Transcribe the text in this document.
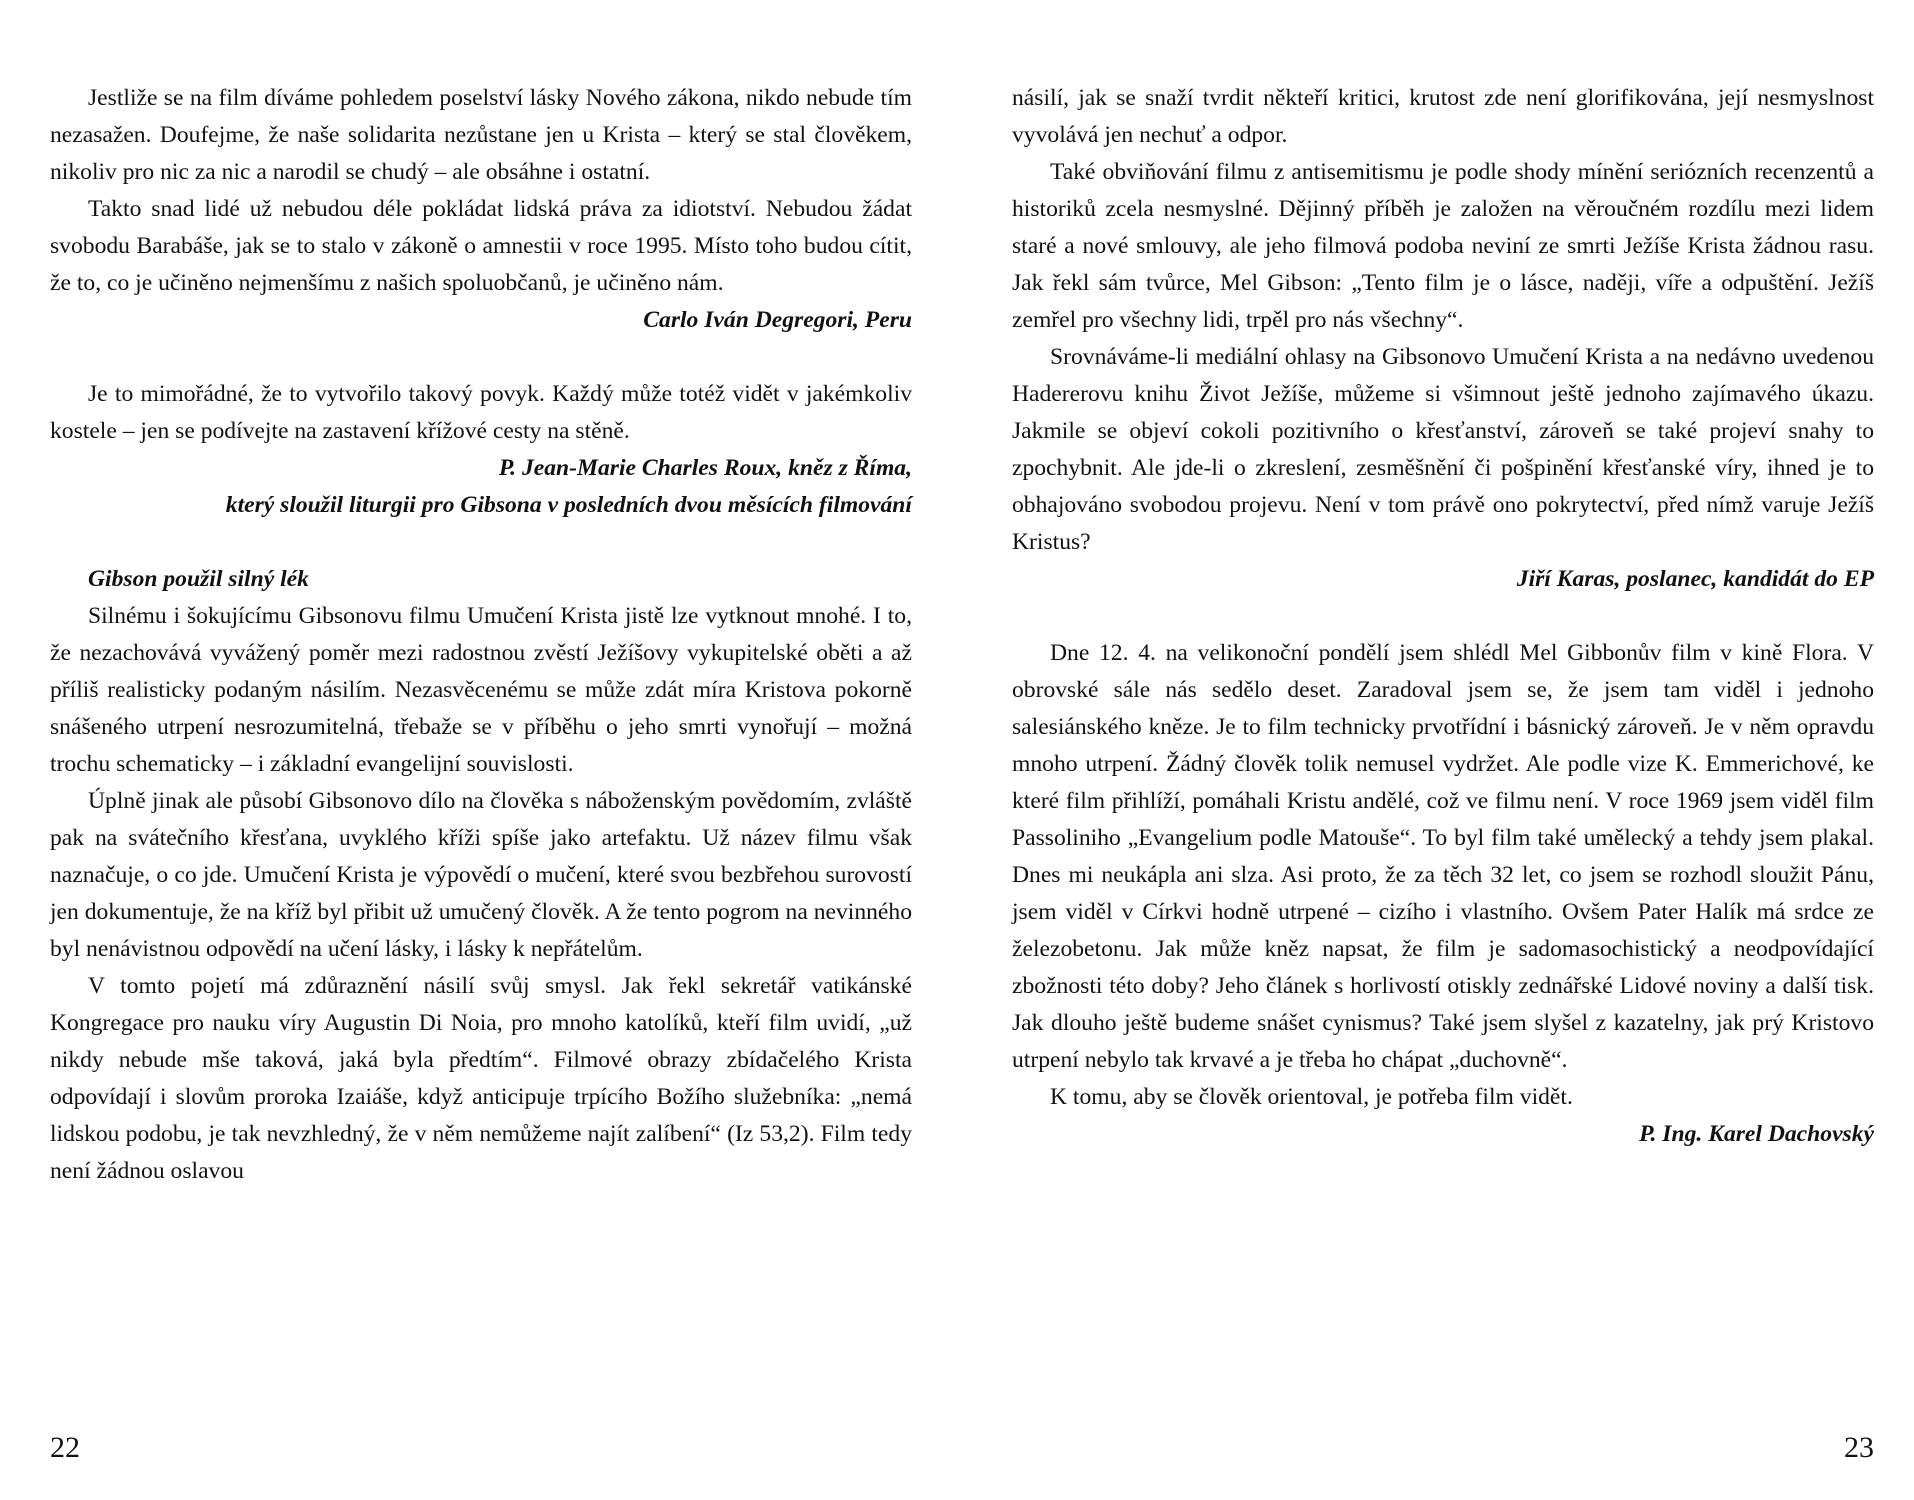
Jestliže se na film díváme pohledem poselství lásky Nového zákona, nikdo nebude tím nezasažen. Doufejme, že naše solidarita nezůstane jen u Krista – který se stal člověkem, nikoliv pro nic za nic a narodil se chudý – ale obsáhne i ostatní.

Takto snad lidé už nebudou déle pokládat lidská práva za idiotství. Nebudou žádat svobodu Barabáše, jak se to stalo v zákoně o amnestii v roce 1995. Místo toho budou cítit, že to, co je učiněno nejmenšímu z našich spoluobčanů, je učiněno nám.

Carlo Iván Degregori, Peru

Je to mimořádné, že to vytvořilo takový povyk. Každý může totéž vidět v jakémkoliv kostele – jen se podívejte na zastavení křížové cesty na stěně.

P. Jean-Marie Charles Roux, kněz z Říma,

který sloužil liturgii pro Gibsona v posledních dvou měsících filmování

Gibson použil silný lék

Silnému i šokujícímu Gibsonovu filmu Umučení Krista jistě lze vytknout mnohé. I to, že nezachovává vyvážený poměr mezi radostnou zvěstí Ježíšovy vykupitelské oběti a až příliš realisticky podaným násilím. Nezasvěcenému se může zdát míra Kristova pokorně snášeného utrpení nesrozumitelná, třebaže se v příběhu o jeho smrti vynořují – možná trochu schematicky – i základní evangelijní souvislosti.

Úplně jinak ale působí Gibsonovo dílo na člověka s náboženským povědomím, zvláště pak na svátečního křesťana, uvyklého kříži spíše jako artefaktu. Už název filmu však naznačuje, o co jde. Umučení Krista je výpovědí o mučení, které svou bezbřehou surovostí jen dokumentuje, že na kříž byl přibit už umučený člověk. A že tento pogrom na nevinného byl nenávistnou odpovědí na učení lásky, i lásky k nepřátelům.

V tomto pojetí má zdůraznění násilí svůj smysl. Jak řekl sekretář vatikánské Kongregace pro nauku víry Augustin Di Noia, pro mnoho katolíků, kteří film uvidí, „už nikdy nebude mše taková, jaká byla předtím“. Filmové obrazy zbídačelého Krista odpovídají i slovům proroka Izaiáše, když anticipuje trpícího Božího služebníka: „nemá lidskou podobu, je tak nevzhledný, že v něm nemůžeme najít zalíbení“ (Iz 53,2). Film tedy není žádnou oslavou

22

násilí, jak se snaží tvrdit někteří kritici, krutost zde není glorifikována, její nesmyslnost vyvolává jen nechuť a odpor.

Také obviňování filmu z antisemitismu je podle shody mínění seriózních recenzentů a historiků zcela nesmyslné. Dějinný příběh je založen na věroučném rozdílu mezi lidem staré a nové smlouvy, ale jeho filmová podoba neviní ze smrti Ježíše Krista žádnou rasu. Jak řekl sám tvůrce, Mel Gibson: „Tento film je o lásce, naději, víře a odpuštění. Ježíš zemřel pro všechny lidi, trpěl pro nás všechny“.

Srovnáváme-li mediální ohlasy na Gibsonovo Umučení Krista a na nedávno uvedenou Hadererovu knihu Život Ježíše, můžeme si všimnout ještě jednoho zajímavého úkazu. Jakmile se objeví cokoli pozitivního o křesťanství, zároveň se také projeví snahy to zpochybnit. Ale jde-li o zkreslení, zesměšnění či pošpinění křesťanské víry, ihned je to obhajováno svobodou projevu. Není v tom právě ono pokrytectví, před nímž varuje Ježíš Kristus?

Jiří Karas, poslanec, kandidát do EP

Dne 12. 4. na velikonoční pondělí jsem shlédl Mel Gibbonův film v kině Flora. V obrovské sále nás sedělo deset. Zaradoval jsem se, že jsem tam viděl i jednoho salesiánského kněze. Je to film technicky prvotřídní i básnický zároveň. Je v něm opravdu mnoho utrpení. Žádný člověk tolik nemusel vydržet. Ale podle vize K. Emmerichové, ke které film přihlíží, pomáhali Kristu andělé, což ve filmu není. V roce 1969 jsem viděl film Passoliniho „Evangelium podle Matouše“. To byl film také umělecký a tehdy jsem plakal. Dnes mi neukápla ani slza. Asi proto, že za těch 32 let, co jsem se rozhodl sloužit Pánu, jsem viděl v Církvi hodně utrpené – cizího i vlastního. Ovšem Pater Halík má srdce ze železobetonu. Jak může kněz napsat, že film je sadomasochistický a neodpovídající zbožnosti této doby? Jeho článek s horlivostí otiskly zednářské Lidové noviny a další tisk. Jak dlouho ještě budeme snášet cynismus? Také jsem slyšel z kazatelny, jak prý Kristovo utrpení nebylo tak krvavé a je třeba ho chápat „duchovně“.

K tomu, aby se člověk orientoval, je potřeba film vidět.

P. Ing. Karel Dachovský

23
